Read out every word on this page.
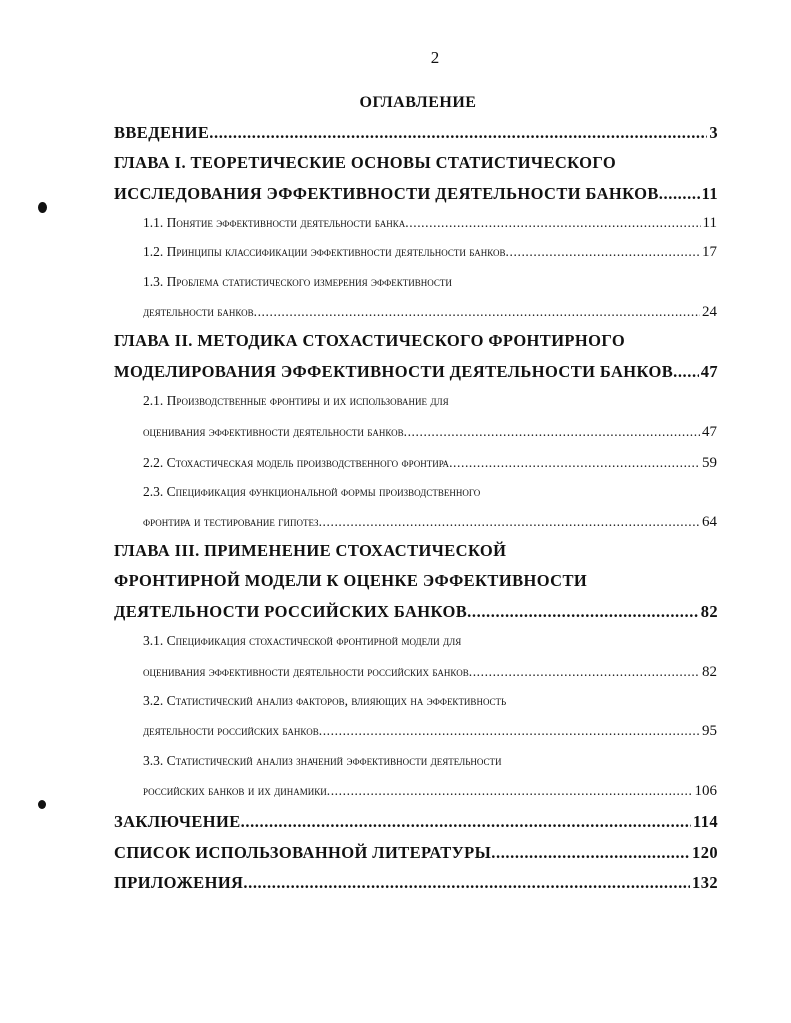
2
ОГЛАВЛЕНИЕ
ВВЕДЕНИЕ .....	3
ГЛАВА I. ТЕОРЕТИЧЕСКИЕ ОСНОВЫ СТАТИСТИЧЕСКОГО
ИССЛЕДОВАНИЯ ЭФФЕКТИВНОСТИ ДЕЯТЕЛЬНОСТИ БАНКОВ .....	11
1.1. Понятие эффективности деятельности банка .....	11
1.2. Принципы классификации эффективности деятельности банков .....	17
1.3. Проблема статистического измерения эффективности
деятельности банков .....	24
ГЛАВА II. МЕТОДИКА СТОХАСТИЧЕСКОГО ФРОНТИРНОГО
МОДЕЛИРОВАНИЯ ЭФФЕКТИВНОСТИ ДЕЯТЕЛЬНОСТИ БАНКОВ ..... 47
2.1. Производственные фронтиры и их использование для
оценивания эффективности деятельности банков .....	47
2.2. Стохастическая модель производственного фронтира .....	59
2.3. Спецификация функциональной формы производственного
фронтира и тестирование гипотез .....	64
ГЛАВА III. ПРИМЕНЕНИЕ СТОХАСТИЧЕСКОЙ
ФРОНТИРНОЙ МОДЕЛИ К ОЦЕНКЕ ЭФФЕКТИВНОСТИ
ДЕЯТЕЛЬНОСТИ РОССИЙСКИХ БАНКОВ .....	82
3.1. Спецификация стохастической фронтирной модели для
оценивания эффективности деятельности российских банков .....	82
3.2. Статистический анализ факторов, влияющих на эффективность
деятельности российских банков .....	95
3.3. Статистический анализ значений эффективности деятельности
российских банков и их динамики .....	106
ЗАКЛЮЧЕНИЕ .....	114
СПИСОК ИСПОЛЬЗОВАННОЙ ЛИТЕРАТУРЫ .....	120
ПРИЛОЖЕНИЯ .....	132
